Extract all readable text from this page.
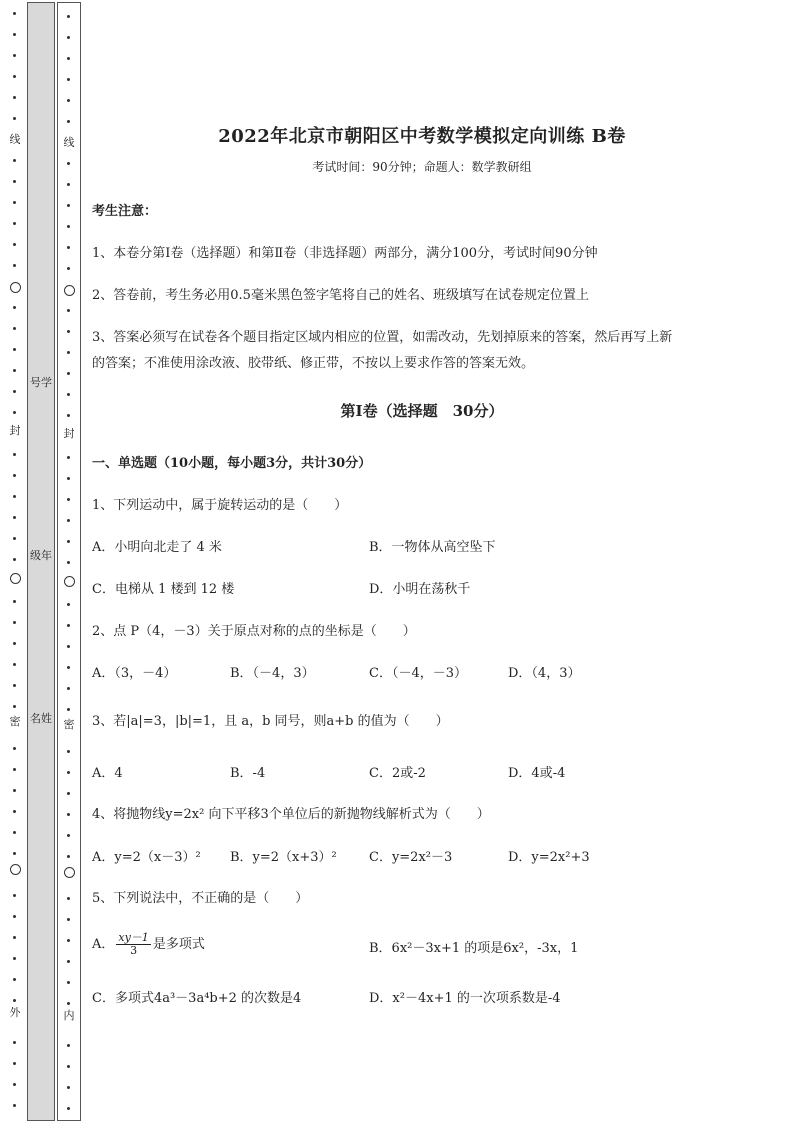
线
封
密
外
号学
级年
名姓
线
封
密
内
2022年北京市朝阳区中考数学模拟定向训练 B卷
考试时间：90分钟；命题人：数学教研组
考生注意：
1、本卷分第I卷（选择题）和第Ⅱ卷（非选择题）两部分，满分100分，考试时间90分钟
2、答卷前，考生务必用0.5毫米黑色签字笔将自己的姓名、班级填写在试卷规定位置上
3、答案必须写在试卷各个题目指定区域内相应的位置，如需改动，先划掉原来的答案，然后再写上新
的答案；不准使用涂改液、胶带纸、修正带，不按以上要求作答的答案无效。
第I卷（选择题　30分）
一、单选题（10小题，每小题3分，共计30分）
1、下列运动中，属于旋转运动的是（　　）
A．小明向北走了 4 米	B．一物体从高空坠下
C．电梯从 1 楼到 12 楼	D．小明在荡秋千
2、点 P（4，－3）关于原点对称的点的坐标是（　　）
A．（3，－4）	B．（－4，3）	C．（－4，－3）	D．（4，3）
3、若|a|=3，|b|=1，且 a，b 同号，则a+b 的值为（　　）
A．4	B．-4	C．2或-2	D．4或-4
4、将抛物线y=2x² 向下平移3个单位后的新抛物线解析式为（　　）
A．y=2（x－3）² B．y=2（x+3）² C．y=2x²－3	D．y=2x²+3
5、下列说法中，不正确的是（　　）
A． $\frac{xy-1}{3}$ 是多项式	B．6x²－3x+1 的项是6x²，-3x，1
C．多项式4a³－3a⁴b+2 的次数是4	D．x²－4x+1 的一次项系数是-4
